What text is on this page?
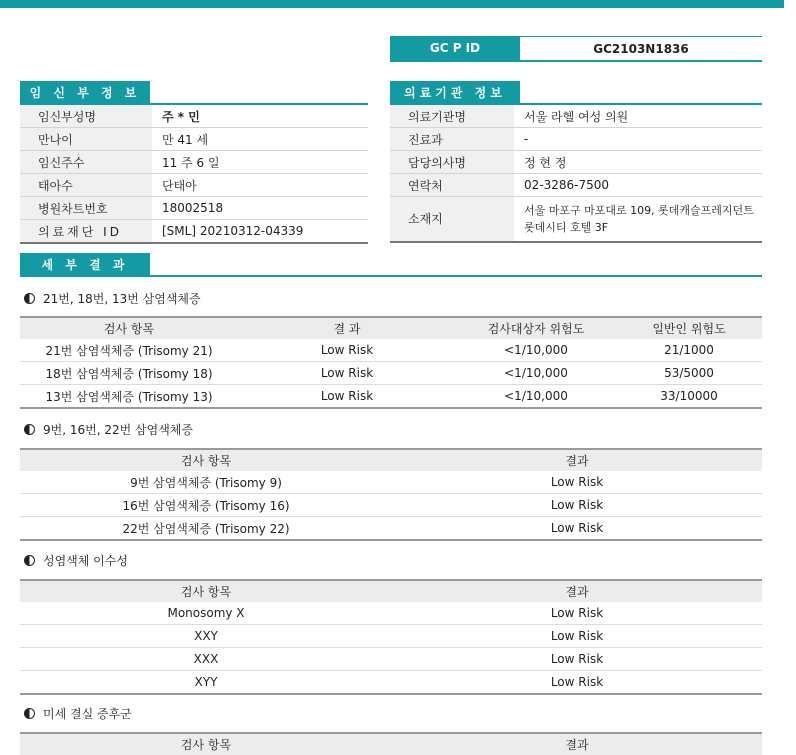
GC P ID	GC2103N1836
임 신 부 정 보
임신부성명	주 * 민
만나이	만 41 세
임신주수	11 주 6 일
태아수	단태아
병원차트번호	18002518
의료재단 ID	[SML] 20210312-04339
의료기관 정보
의료기관명	서울 라헬 여성 의원
진료과	-
담당의사명	정 현 정
연락처	02-3286-7500
소재지	서울 마포구 마포대로 109, 롯데캐슬프레지던트 롯데시티 호텔 3F
세 부 결 과
21번, 18번, 13번 삼염색체증
검사 항목	결 과	검사대상자 위험도	일반인 위험도
21번 삼염색체증 (Trisomy 21)	Low Risk	<1/10,000	21/1000
18번 삼염색체증 (Trisomy 18)	Low Risk	<1/10,000	53/5000
13번 삼염색체증 (Trisomy 13)	Low Risk	<1/10,000	33/10000
9번, 16번, 22번 삼염색체증
검사 항목	결과
9번 삼염색체증 (Trisomy 9)	Low Risk
16번 삼염색체증 (Trisomy 16)	Low Risk
22번 삼염색체증 (Trisomy 22)	Low Risk
성염색체 이수성
검사 항목	결과
Monosomy X	Low Risk
XXY	Low Risk
XXX	Low Risk
XYY	Low Risk
미세 결실 증후군
검사 항목	결과
